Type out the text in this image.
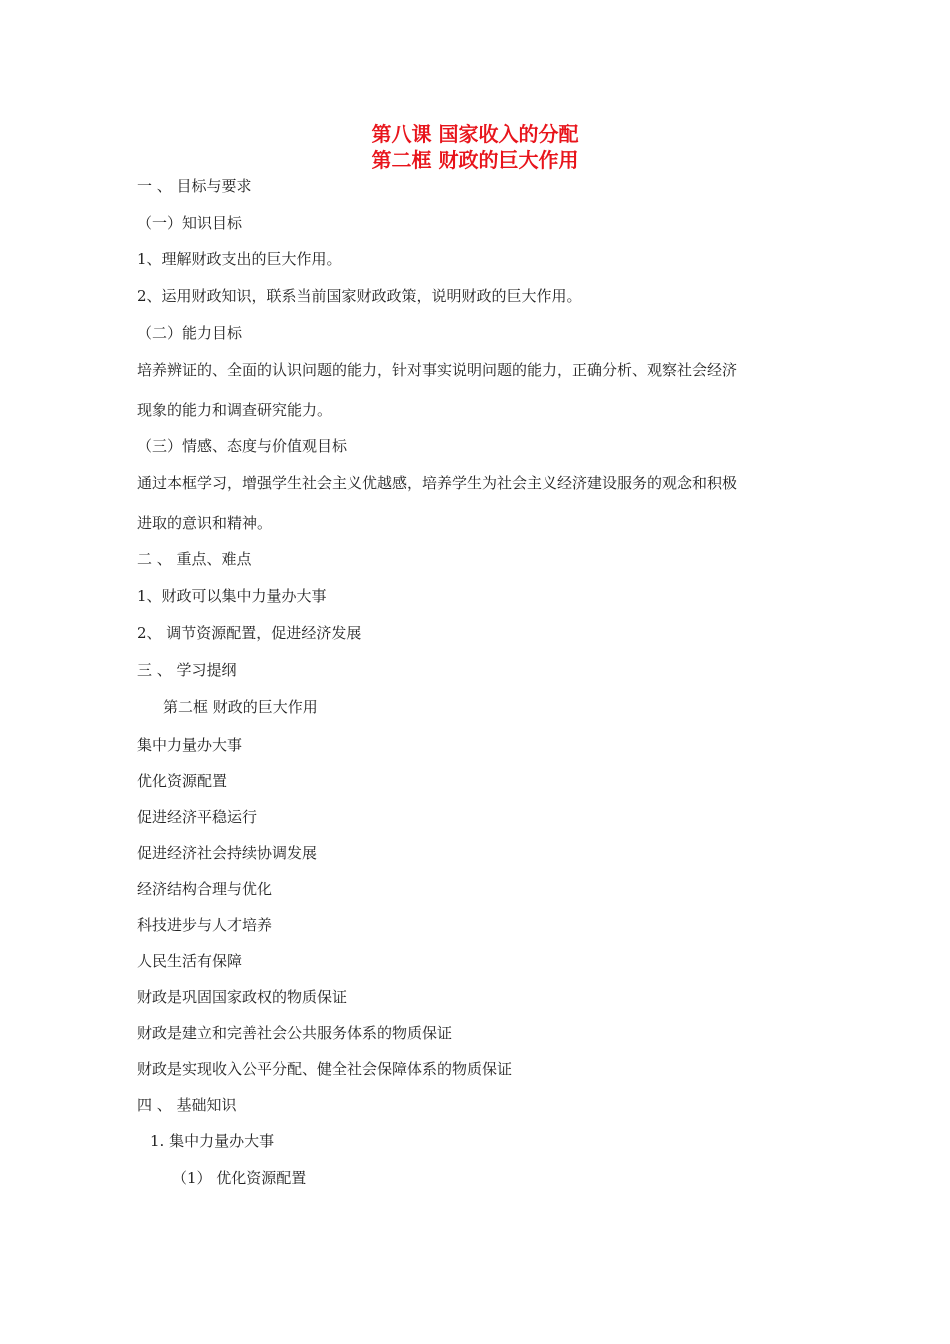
第八课 国家收入的分配
第二框 财政的巨大作用
一 、 目标与要求
（一）知识目标
1、理解财政支出的巨大作用。
2、运用财政知识，联系当前国家财政政策，说明财政的巨大作用。
（二）能力目标
培养辨证的、全面的认识问题的能力，针对事实说明问题的能力，正确分析、观察社会经济
现象的能力和调查研究能力。
（三）情感、态度与价值观目标
通过本框学习，增强学生社会主义优越感，培养学生为社会主义经济建设服务的观念和积极
进取的意识和精神。
二 、 重点、难点
1、财政可以集中力量办大事
2、 调节资源配置，促进经济发展
三 、 学习提纲
第二框 财政的巨大作用
集中力量办大事
优化资源配置
促进经济平稳运行
促进经济社会持续协调发展
经济结构合理与优化
科技进步与人才培养
人民生活有保障
财政是巩固国家政权的物质保证
财政是建立和完善社会公共服务体系的物质保证
财政是实现收入公平分配、健全社会保障体系的物质保证
四 、 基础知识
1. 集中力量办大事
（1） 优化资源配置
